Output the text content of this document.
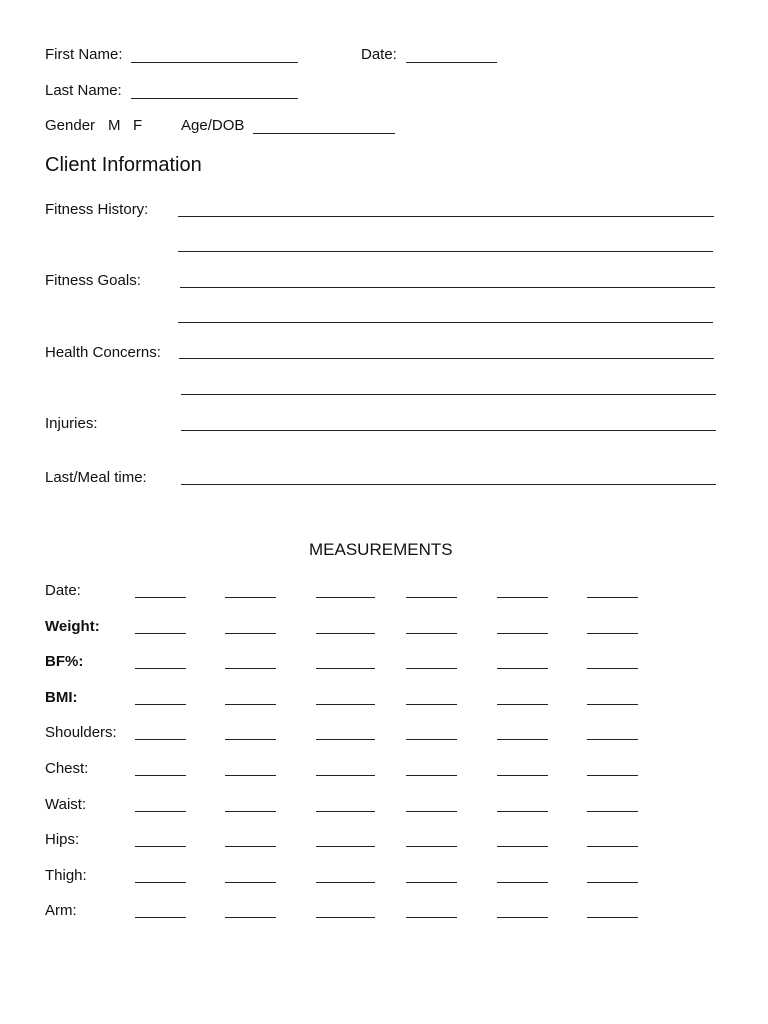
First Name:	Date:
Last Name:
Gender M F	Age/DOB
Client Information
Fitness History:
Fitness Goals:
Health Concerns:
Injuries:
Last/Meal time:
MEASUREMENTS
Date:
Weight:
BF%:
BMI:
Shoulders:
Chest:
Waist:
Hips:
Thigh:
Arm:
